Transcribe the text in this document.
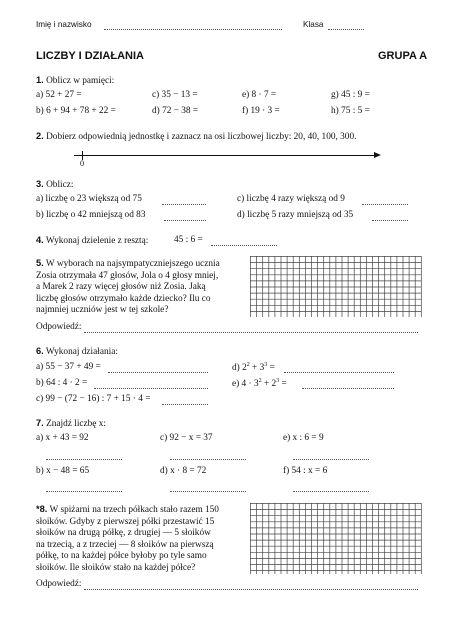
Imię i nazwisko	Klasa
LICZBY I DZIAŁANIA	GRUPA A
1. Oblicz w pamięci:
a) 52 + 27 =	c) 35 − 13 =	e) 8 · 7 =	g) 45 : 9 =
b) 6 + 94 + 78 + 22 =	d) 72 − 38 =	f) 19 · 3 =	h) 75 : 5 =
2. Dobierz odpowiednią jednostkę i zaznacz na osi liczbowej liczby: 20, 40, 100, 300.
0
3. Oblicz:
a) liczbę o 23 większą od 75	c) liczbę 4 razy większą od 9
b) liczbę o 42 mniejszą od 83	d) liczbę 5 razy mniejszą od 35
4. Wykonaj dzielenie z resztą:	45 : 6 =
5. W wyborach na najsympatyczniejszego ucznia
Zosia otrzymała 47 głosów, Jola o 4 głosy mniej,
a Marek 2 razy więcej głosów niż Zosia. Jaką
liczbę głosów otrzymało każde dziecko? Ilu co
najmniej uczniów jest w tej szkole?
Odpowiedź:
6. Wykonaj działania:
a) 55 − 37 + 49 =	d) $2^2 + 3^3$ =
b) 64 : 4 · 2 =	e) $4 \cdot 3^2 + 2^3$ =
c) 99 − (72 − 16) : 7 + 15 · 4 =
7. Znajdź liczbę x:
a) x + 43 = 92	c) 92 − x = 37	e) x : 6 = 9
b) x − 48 = 65	d) x · 8 = 72	f) 54 : x = 6
*8. W spiżarni na trzech półkach stało razem 150
słoików. Gdyby z pierwszej półki przestawić 15
słoików na drugą półkę, z drugiej — 5 słoików
na trzecią, a z trzeciej — 8 słoików na pierwszą
półkę, to na każdej półce byłoby po tyle samo
słoików. Ile słoików stało na każdej półce?
Odpowiedź:
